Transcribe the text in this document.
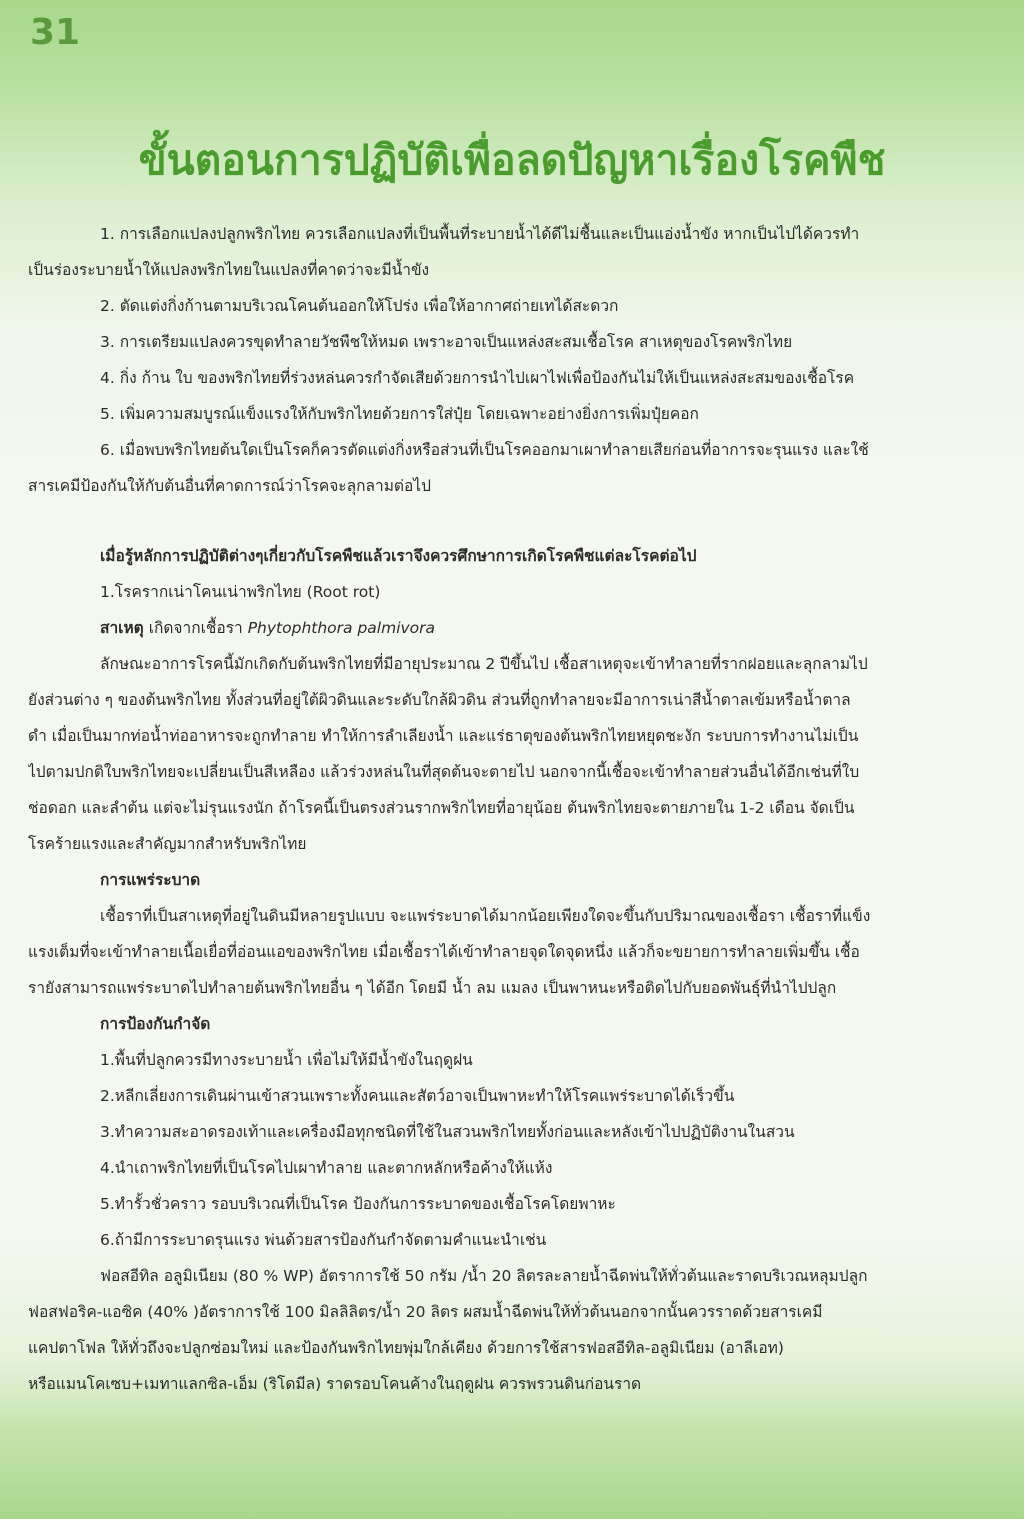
31
ขั้นตอนการปฏิบัติเพื่อลดปัญหาเรื่องโรคพืช
1. การเลือกแปลงปลูกพริกไทย ควรเลือกแปลงที่เป็นพื้นที่ระบายน้ำได้ดีไม่ชื้นและเป็นแอ่งน้ำขัง หากเป็นไปได้ควรทำ
เป็นร่องระบายน้ำให้แปลงพริกไทยในแปลงที่คาดว่าจะมีน้ำขัง
2. ตัดแต่งกิ่งก้านตามบริเวณโคนต้นออกให้โปร่ง เพื่อให้อากาศถ่ายเทได้สะดวก
3. การเตรียมแปลงควรขุดทำลายวัชพืชให้หมด เพราะอาจเป็นแหล่งสะสมเชื้อโรค สาเหตุของโรคพริกไทย
4. กิ่ง ก้าน ใบ ของพริกไทยที่ร่วงหล่นควรกำจัดเสียด้วยการนำไปเผาไฟเพื่อป้องกันไม่ให้เป็นแหล่งสะสมของเชื้อโรค
5. เพิ่มความสมบูรณ์แข็งแรงให้กับพริกไทยด้วยการใส่ปุ๋ย โดยเฉพาะอย่างยิ่งการเพิ่มปุ๋ยคอก
6. เมื่อพบพริกไทยต้นใดเป็นโรคก็ควรตัดแต่งกิ่งหรือส่วนที่เป็นโรคออกมาเผาทำลายเสียก่อนที่อาการจะรุนแรง และใช้
สารเคมีป้องกันให้กับต้นอื่นที่คาดการณ์ว่าโรคจะลุกลามต่อไป
เมื่อรู้หลักการปฏิบัติต่างๆเกี่ยวกับโรคพืชแล้วเราจึงควรศึกษาการเกิดโรคพืชแต่ละโรคต่อไป
1.โรครากเน่าโคนเน่าพริกไทย (Root rot)
สาเหตุ เกิดจากเชื้อรา Phytophthora palmivora
ลักษณะอาการโรคนี้มักเกิดกับต้นพริกไทยที่มีอายุประมาณ 2 ปีขึ้นไป เชื้อสาเหตุจะเข้าทำลายที่รากฝอยและลุกลามไป
ยังส่วนต่าง ๆ ของต้นพริกไทย ทั้งส่วนที่อยู่ใต้ผิวดินและระดับใกล้ผิวดิน ส่วนที่ถูกทำลายจะมีอาการเน่าสีน้ำตาลเข้มหรือน้ำตาล
ดำ เมื่อเป็นมากท่อน้ำท่ออาหารจะถูกทำลาย ทำให้การลำเลียงน้ำ และแร่ธาตุของต้นพริกไทยหยุดชะงัก ระบบการทำงานไม่เป็น
ไปตามปกติใบพริกไทยจะเปลี่ยนเป็นสีเหลือง แล้วร่วงหล่นในที่สุดต้นจะตายไป นอกจากนี้เชื้อจะเข้าทำลายส่วนอื่นได้อีกเช่นที่ใบ
ช่อดอก และลำต้น แต่จะไม่รุนแรงนัก ถ้าโรคนี้เป็นตรงส่วนรากพริกไทยที่อายุน้อย ต้นพริกไทยจะตายภายใน 1-2 เดือน จัดเป็น
โรคร้ายแรงและสำคัญมากสำหรับพริกไทย
การแพร่ระบาด
เชื้อราที่เป็นสาเหตุที่อยู่ในดินมีหลายรูปแบบ จะแพร่ระบาดได้มากน้อยเพียงใดจะขึ้นกับปริมาณของเชื้อรา เชื้อราที่แข็ง
แรงเต็มที่จะเข้าทำลายเนื้อเยื่อที่อ่อนแอของพริกไทย เมื่อเชื้อราได้เข้าทำลายจุดใดจุดหนึ่ง แล้วก็จะขยายการทำลายเพิ่มขึ้น เชื้อ
รายังสามารถแพร่ระบาดไปทำลายต้นพริกไทยอื่น ๆ ได้อีก โดยมี น้ำ ลม แมลง เป็นพาหนะหรือติดไปกับยอดพันธุ์ที่นำไปปลูก
การป้องกันกำจัด
1.พื้นที่ปลูกควรมีทางระบายน้ำ เพื่อไม่ให้มีน้ำขังในฤดูฝน
2.หลีกเลี่ยงการเดินผ่านเข้าสวนเพราะทั้งคนและสัตว์อาจเป็นพาหะทำให้โรคแพร่ระบาดได้เร็วขึ้น
3.ทำความสะอาดรองเท้าและเครื่องมือทุกชนิดที่ใช้ในสวนพริกไทยทั้งก่อนและหลังเข้าไปปฏิบัติงานในสวน
4.นำเถาพริกไทยที่เป็นโรคไปเผาทำลาย และตากหลักหรือค้างให้แห้ง
5.ทำรั้วชั่วคราว รอบบริเวณที่เป็นโรค ป้องกันการระบาดของเชื้อโรคโดยพาหะ
6.ถ้ามีการระบาดรุนแรง พ่นด้วยสารป้องกันกำจัดตามคำแนะนำเช่น
ฟอสอีทิล อลูมิเนียม (80 % WP) อัตราการใช้ 50 กรัม /น้ำ 20 ลิตรละลายน้ำฉีดพ่นให้ทั่วต้นและราดบริเวณหลุมปลูก
ฟอสฟอริค-แอซิค (40% )อัตราการใช้ 100 มิลลิลิตร/น้ำ 20 ลิตร ผสมน้ำฉีดพ่นให้ทั่วต้นนอกจากนั้นควรราดด้วยสารเคมี
แคปตาโฟล ให้ทั่วถึงจะปลูกซ่อมใหม่ และป้องกันพริกไทยพุ่มใกล้เคียง ด้วยการใช้สารฟอสอีทิล-อลูมิเนียม (อาลีเอท)
หรือแมนโคเซบ+เมทาแลกซิล-เอ็ม (ริโดมีล) ราดรอบโคนค้างในฤดูฝน ควรพรวนดินก่อนราด
